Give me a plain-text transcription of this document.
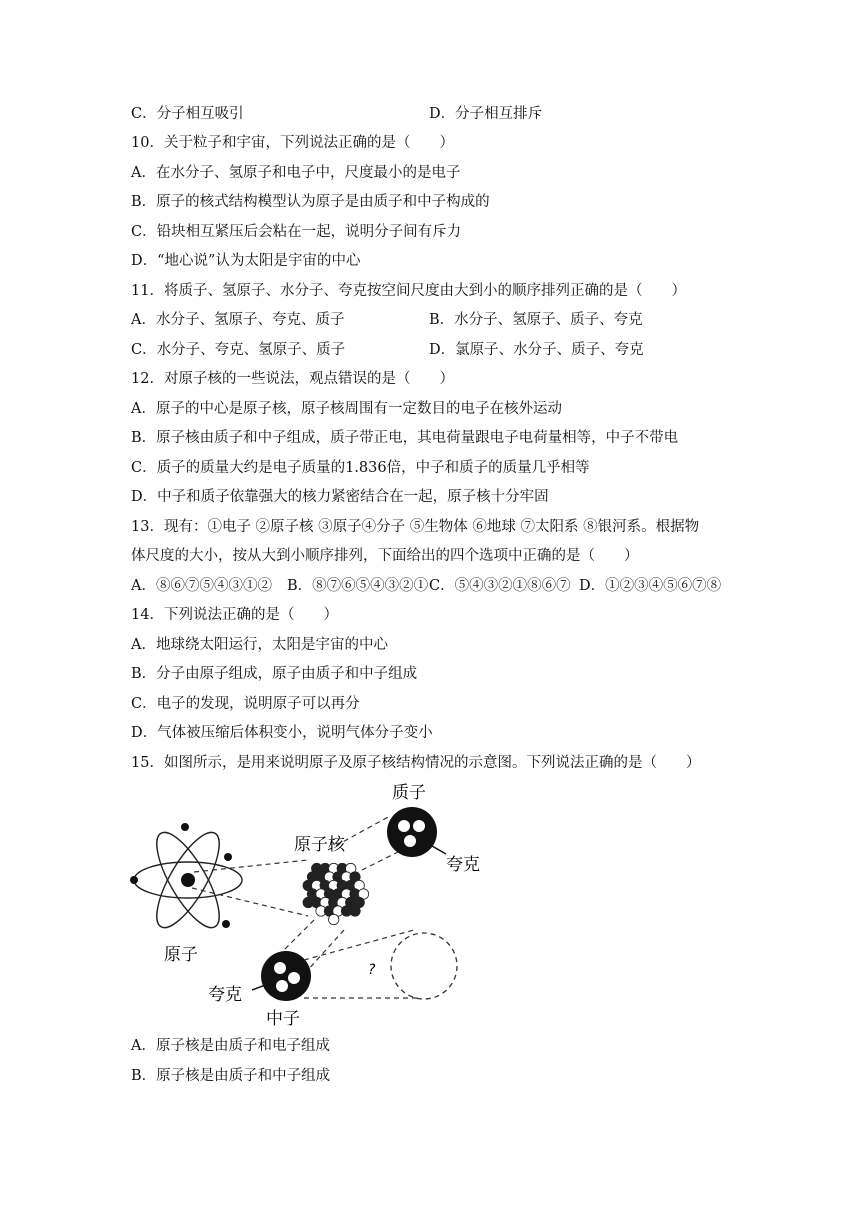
C．分子相互吸引	D．分子相互排斥
10．关于粒子和宇宙，下列说法正确的是（　　）
A．在水分子、氢原子和电子中，尺度最小的是电子
B．原子的核式结构模型认为原子是由质子和中子构成的
C．铅块相互紧压后会粘在一起，说明分子间有斥力
D．“地心说”认为太阳是宇宙的中心
11．将质子、氢原子、水分子、夸克按空间尺度由大到小的顺序排列正确的是（　　）
A．水分子、氢原子、夸克、质子	B．水分子、氢原子、质子、夸克
C．水分子、夸克、氢原子、质子	D．氯原子、水分子、质子、夸克
12．对原子核的一些说法，观点错误的是（　　）
A．原子的中心是原子核，原子核周围有一定数目的电子在核外运动
B．原子核由质子和中子组成，质子带正电，其电荷量跟电子电荷量相等，中子不带电
C．质子的质量大约是电子质量的1.836倍，中子和质子的质量几乎相等
D．中子和质子依靠强大的核力紧密结合在一起，原子核十分牢固
13．现有：①电子 ②原子核 ③原子④分子 ⑤生物体 ⑥地球 ⑦太阳系 ⑧银河系。根据物
体尺度的大小，按从大到小顺序排列，下面给出的四个选项中正确的是（　　）
A．⑧⑥⑦⑤④③①② B．⑧⑦⑥⑤④③②① C．⑤④③②①⑧⑥⑦ D．①②③④⑤⑥⑦⑧
14．下列说法正确的是（　　）
A．地球绕太阳运行，太阳是宇宙的中心
B．分子由原子组成，原子由质子和中子组成
C．电子的发现，说明原子可以再分
D．气体被压缩后体积变小，说明气体分子变小
15．如图所示，是用来说明原子及原子核结构情况的示意图。下列说法正确的是（　　）
质子
原子核
夸克
原子
?
夸克
中子
A．原子核是由质子和电子组成
B．原子核是由质子和中子组成
